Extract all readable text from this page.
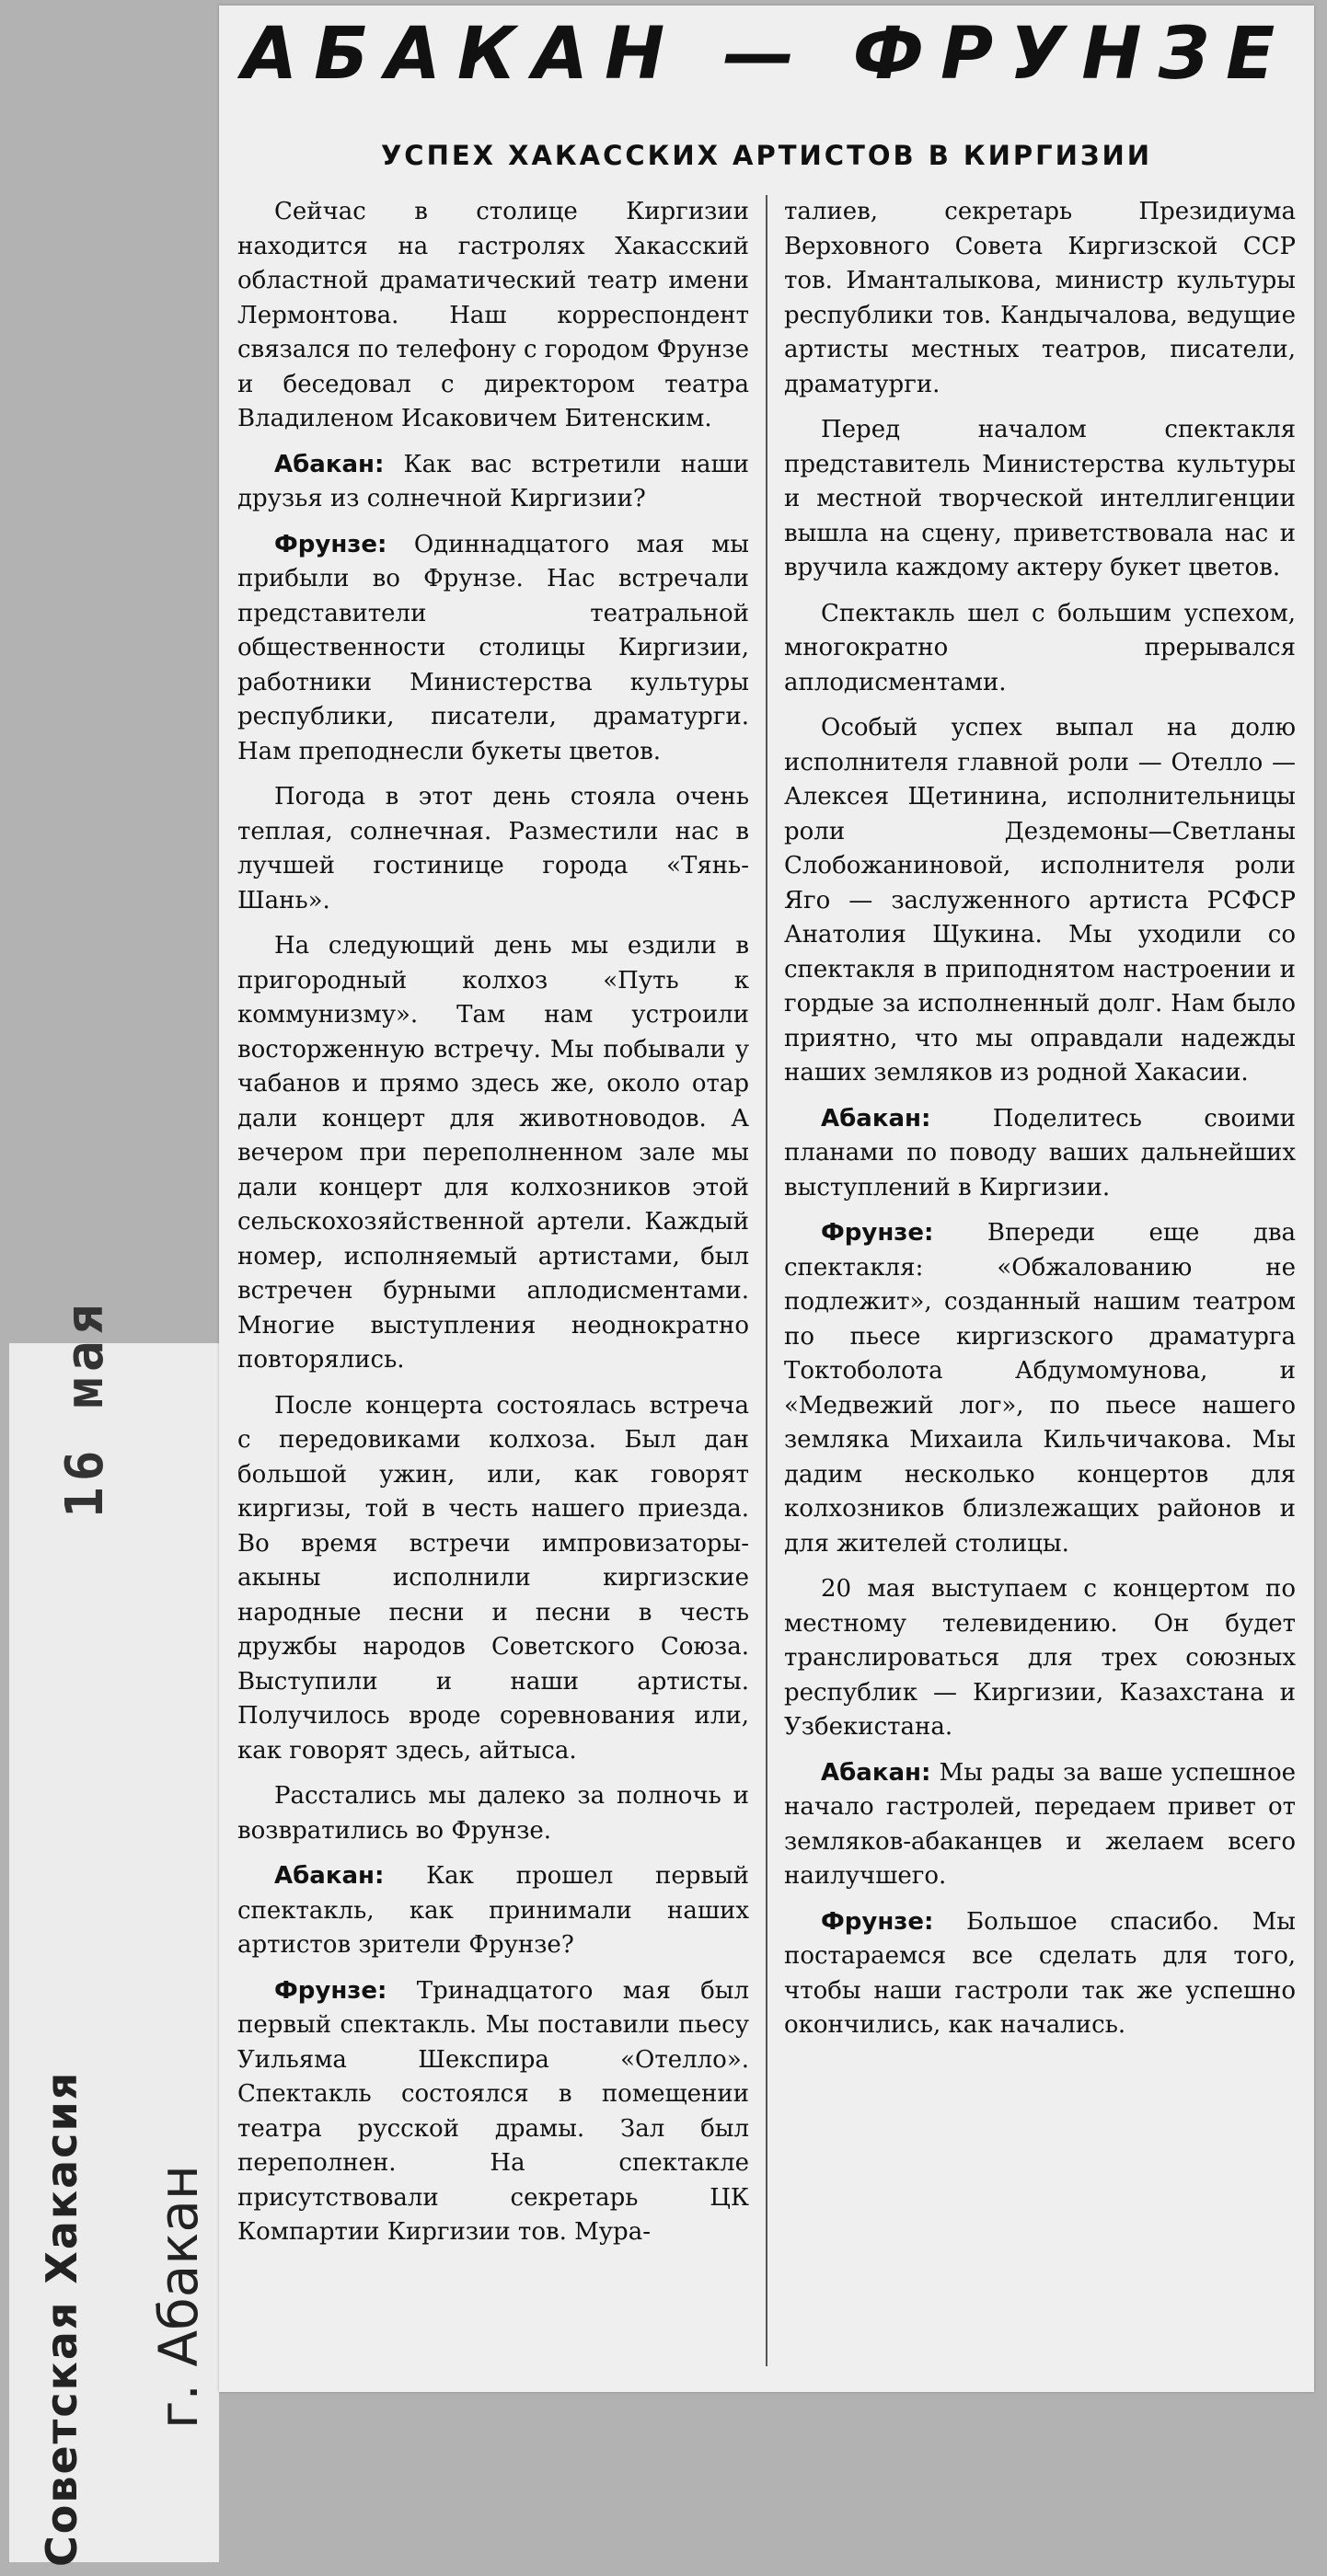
16 мая
Советская Хакасия г. Абакан
АБАКАН — ФРУНЗЕ
УСПЕХ ХАКАССКИХ АРТИСТОВ В КИРГИЗИИ

Сейчас в столице Киргизии находится на гастролях Хакасский областной драматический театр имени Лермонтова. Наш корреспондент связался по телефону с городом Фрунзе и беседовал с директором театра Владиленом Исаковичем Битенским.

Абакан: Как вас встретили наши друзья из солнечной Киргизии?

Фрунзе: Одиннадцатого мая мы прибыли во Фрунзе. Нас встречали представители театральной общественности столицы Киргизии, работники Министерства культуры республики, писатели, драматурги. Нам преподнесли букеты цветов.

Погода в этот день стояла очень теплая, солнечная. Разместили нас в лучшей гостинице города «Тянь-Шань».

На следующий день мы ездили в пригородный колхоз «Путь к коммунизму». Там нам устроили восторженную встречу. Мы побывали у чабанов и прямо здесь же, около отар дали концерт для животноводов. А вечером при переполненном зале мы дали концерт для колхозников этой сельскохозяйственной артели. Каждый номер, исполняемый артистами, был встречен бурными аплодисментами. Многие выступления неоднократно повторялись.

После концерта состоялась встреча с передовиками колхоза. Был дан большой ужин, или, как говорят киргизы, той в честь нашего приезда. Во время встречи импровизаторы-акыны исполнили киргизские народные песни и песни в честь дружбы народов Советского Союза. Выступили и наши артисты. Получилось вроде соревнования или, как говорят здесь, айтыса.

Расстались мы далеко за полночь и возвратились во Фрунзе.

Абакан: Как прошел первый спектакль, как принимали наших артистов зрители Фрунзе?

Фрунзе: Тринадцатого мая был первый спектакль. Мы поставили пьесу Уильяма Шекспира «Отелло». Спектакль состоялся в помещении театра русской драмы. Зал был переполнен. На спектакле присутствовали секретарь ЦК Компартии Киргизии тов. Мура-

талиев, секретарь Президиума Верховного Совета Киргизской ССР тов. Иманталыкова, министр культуры республики тов. Кандычалова, ведущие артисты местных театров, писатели, драматурги.

Перед началом спектакля представитель Министерства культуры и местной творческой интеллигенции вышла на сцену, приветствовала нас и вручила каждому актеру букет цветов.

Спектакль шел с большим успехом, многократно прерывался аплодисментами.

Особый успех выпал на долю исполнителя главной роли — Отелло — Алексея Щетинина, исполнительницы роли Дездемоны—Светланы Слобожаниновой, исполнителя роли Яго — заслуженного артиста РСФСР Анатолия Щукина. Мы уходили со спектакля в приподнятом настроении и гордые за исполненный долг. Нам было приятно, что мы оправдали надежды наших земляков из родной Хакасии.

Абакан:	Поделитесь своими планами по поводу ваших дальнейших выступлений в Киргизии.

Фрунзе: Впереди еще два спектакля: «Обжалованию не подлежит», созданный нашим театром по пьесе киргизского драматурга Токтоболота Абдумомунова, и «Медвежий лог», по пьесе нашего земляка Михаила Кильчичакова. Мы дадим несколько концертов для колхозников близлежащих районов и для жителей столицы.

20 мая выступаем с концертом по местному телевидению. Он будет транслироваться для трех союзных республик — Киргизии, Казахстана и Узбекистана.

Абакан: Мы рады за ваше успешное начало гастролей, передаем привет от земляков-абаканцев и желаем всего наилучшего.

Фрунзе: Большое спасибо. Мы постараемся все сделать для того, чтобы наши гастроли так же успешно окончились, как начались.
